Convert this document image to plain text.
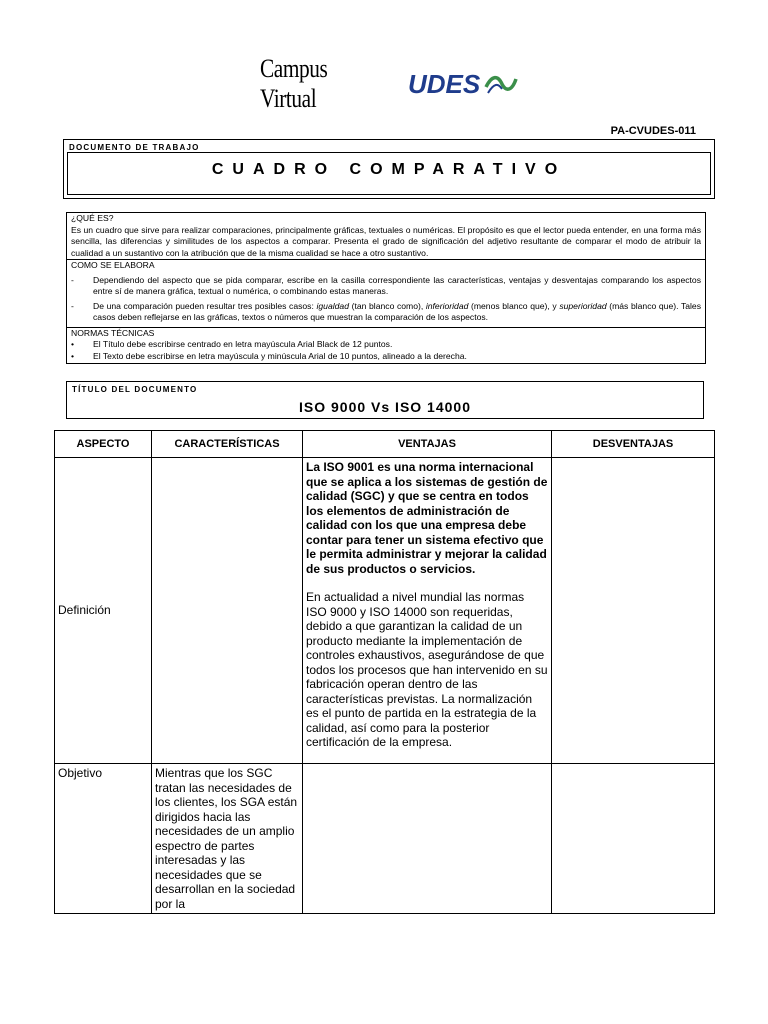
Campus Virtual	UDES
PA-CVUDES-011
DOCUMENTO DE TRABAJO
CUADRO COMPARATIVO
¿QUÉ ES?
Es un cuadro que sirve para realizar comparaciones, principalmente gráficas, textuales o numéricas. El propósito es que el lector pueda entender, en una forma más sencilla, las diferencias y similitudes de los aspectos a comparar. Presenta el grado de significación del adjetivo resultante de comparar el modo de atribuir la cualidad a un sustantivo con la atribución que de la misma cualidad se hace a otro sustantivo.
COMO SE ELABORA
-	Dependiendo del aspecto que se pida comparar, escribe en la casilla correspondiente las características, ventajas y desventajas comparando los aspectos entre sí de manera gráfica, textual o numérica, o combinando estas maneras.
-	De una comparación pueden resultar tres posibles casos: igualdad (tan blanco como), inferioridad (menos blanco que), y superioridad (más blanco que). Tales casos deben reflejarse en las gráficas, textos o números que muestran la comparación de los aspectos.
NORMAS TÉCNICAS
•	El Título debe escribirse centrado en letra mayúscula Arial Black de 12 puntos.
•	El Texto debe escribirse en letra mayúscula y minúscula Arial de 10 puntos, alineado a la derecha.
TÍTULO DEL DOCUMENTO
ISO 9000 Vs ISO 14000
ASPECTO	CARACTERÍSTICAS	VENTAJAS	DESVENTAJAS
Definición		La ISO 9001 es una norma internacional que se aplica a los sistemas de gestión de calidad (SGC) y que se centra en todos los elementos de administración de calidad con los que una empresa debe contar para tener un sistema efectivo que le permita administrar y mejorar la calidad de sus productos o servicios.
En actualidad a nivel mundial las normas ISO 9000 y ISO 14000 son requeridas, debido a que garantizan la calidad de un producto mediante la implementación de controles exhaustivos, asegurándose de que todos los procesos que han intervenido en su fabricación operan dentro de las características previstas. La normalización es el punto de partida en la estrategia de la calidad, así como para la posterior certificación de la empresa.	

Objetivo	Mientras que los SGC tratan las necesidades de los clientes, los SGA están dirigidos hacia las necesidades de un amplio espectro de partes interesadas y las necesidades que se desarrollan en la sociedad por la		
